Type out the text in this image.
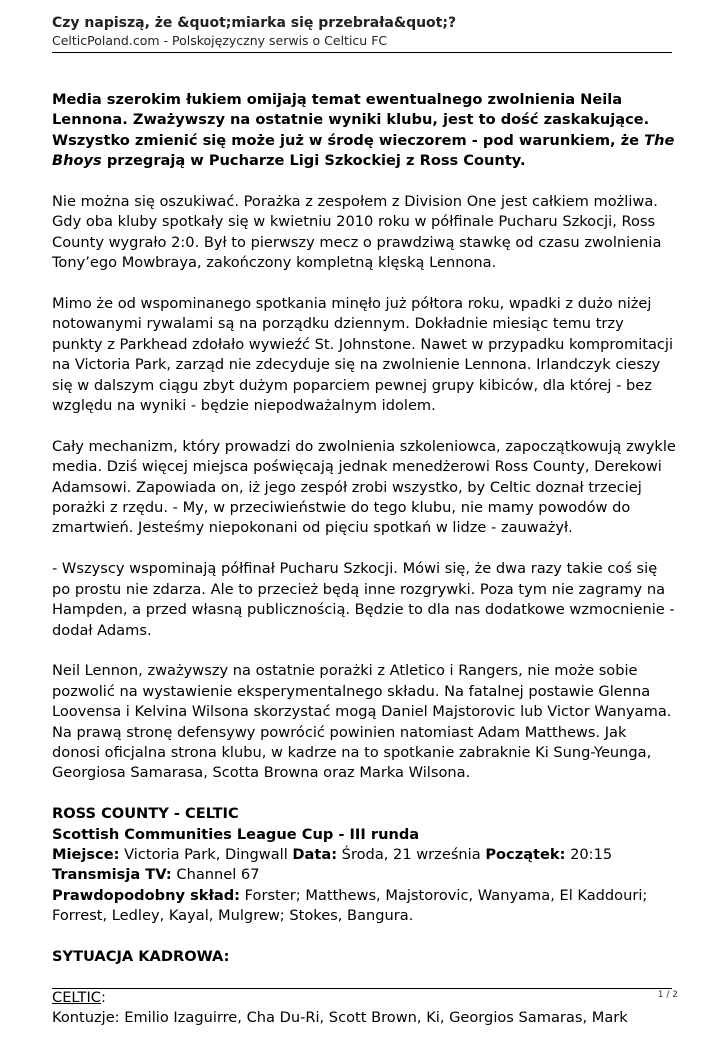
Czy napiszą, że &quot;miarka się przebrała&quot;?
CelticPoland.com - Polskojęzyczny serwis o Celticu FC

Media szerokim łukiem omijają temat ewentualnego zwolnienia Neila Lennona. Zważywszy na ostatnie wyniki klubu, jest to dość zaskakujące. Wszystko zmienić się może już w środę wieczorem - pod warunkiem, że The Bhoys przegrają w Pucharze Ligi Szkockiej z Ross County.

Nie można się oszukiwać. Porażka z zespołem z Division One jest całkiem możliwa. Gdy oba kluby spotkały się w kwietniu 2010 roku w półfinale Pucharu Szkocji, Ross County wygrało 2:0. Był to pierwszy mecz o prawdziwą stawkę od czasu zwolnienia Tony’ego Mowbraya, zakończony kompletną klęską Lennona.

Mimo że od wspominanego spotkania minęło już półtora roku, wpadki z dużo niżej notowanymi rywalami są na porządku dziennym. Dokładnie miesiąc temu trzy punkty z Parkhead zdołało wywieźć St. Johnstone. Nawet w przypadku kompromitacji na Victoria Park, zarząd nie zdecyduje się na zwolnienie Lennona. Irlandczyk cieszy się w dalszym ciągu zbyt dużym poparciem pewnej grupy kibiców, dla której - bez względu na wyniki - będzie niepodważalnym idolem.

Cały mechanizm, który prowadzi do zwolnienia szkoleniowca, zapoczątkowują zwykle media. Dziś więcej miejsca poświęcają jednak menedżerowi Ross County, Derekowi Adamsowi. Zapowiada on, iż jego zespół zrobi wszystko, by Celtic doznał trzeciej porażki z rzędu. - My, w przeciwieństwie do tego klubu, nie mamy powodów do zmartwień. Jesteśmy niepokonani od pięciu spotkań w lidze - zauważył.

- Wszyscy wspominają półfinał Pucharu Szkocji. Mówi się, że dwa razy takie coś się po prostu nie zdarza. Ale to przecież będą inne rozgrywki. Poza tym nie zagramy na Hampden, a przed własną publicznością. Będzie to dla nas dodatkowe wzmocnienie - dodał Adams.

Neil Lennon, zważywszy na ostatnie porażki z Atletico i Rangers, nie może sobie pozwolić na wystawienie eksperymentalnego składu. Na fatalnej postawie Glenna Loovensa i Kelvina Wilsona skorzystać mogą Daniel Majstorovic lub Victor Wanyama. Na prawą stronę defensywy powrócić powinien natomiast Adam Matthews. Jak donosi oficjalna strona klubu, w kadrze na to spotkanie zabraknie Ki Sung-Yeunga, Georgiosa Samarasa, Scotta Browna oraz Marka Wilsona.

ROSS COUNTY - CELTIC
Scottish Communities League Cup - III runda
Miejsce: Victoria Park, Dingwall Data: Środa, 21 września Początek: 20:15
Transmisja TV: Channel 67
Prawdopodobny skład: Forster; Matthews, Majstorovic, Wanyama, El Kaddouri; Forrest, Ledley, Kayal, Mulgrew; Stokes, Bangura.

SYTUACJA KADROWA:

CELTIC:
Kontuzje: Emilio Izaguirre, Cha Du-Ri, Scott Brown, Ki, Georgios Samaras, Mark

1 / 2
